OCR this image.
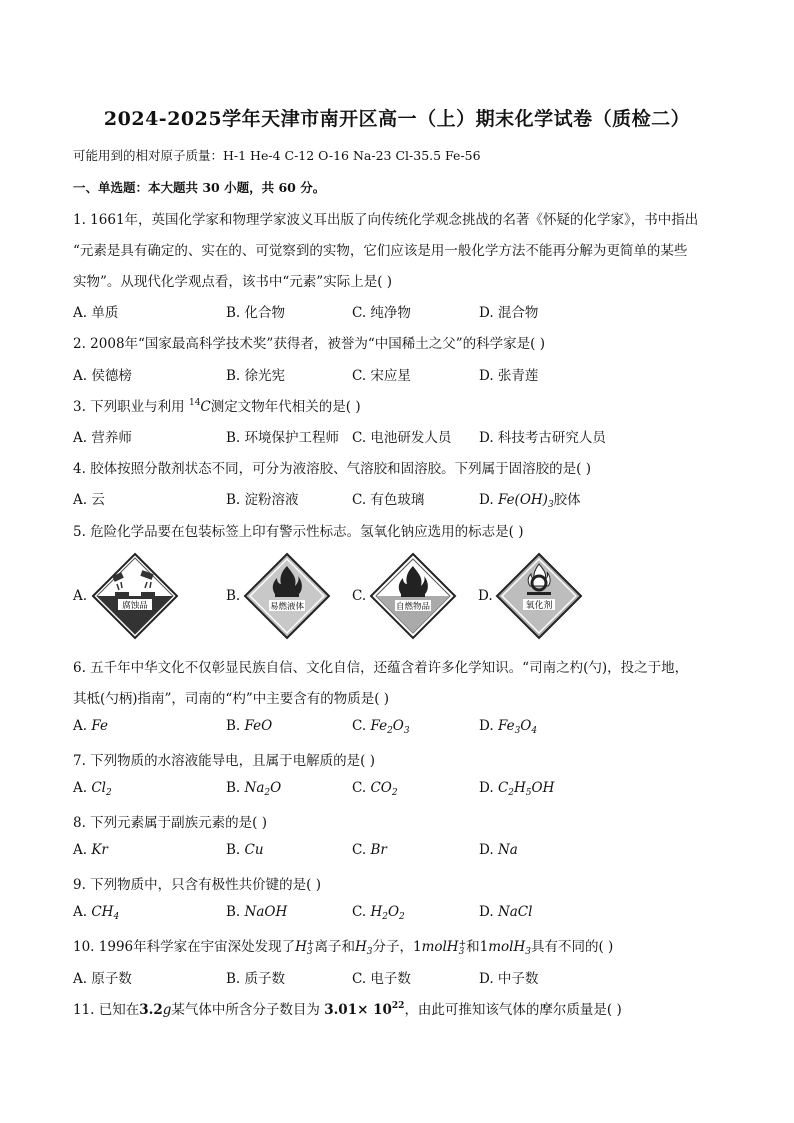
2024-2025学年天津市南开区高一（上）期末化学试卷（质检二）
可能用到的相对原子质量：H-1 He-4 C-12 O-16 Na-23 Cl-35.5 Fe-56
一、单选题：本大题共 30 小题，共 60 分。
1. 1661年，英国化学家和物理学家波义耳出版了向传统化学观念挑战的名著《怀疑的化学家》，书中指出
“元素是具有确定的、实在的、可觉察到的实物，它们应该是用一般化学方法不能再分解为更简单的某些
实物”。从现代化学观点看，该书中“元素”实际上是( )
A. 单质	B. 化合物	C. 纯净物	D. 混合物
2. 2008年“国家最高科学技术奖”获得者，被誉为“中国稀土之父”的科学家是( )
A. 侯德榜	B. 徐光宪	C. 宋应星	D. 张青莲
3. 下列职业与利用 $^{14}$C测定文物年代相关的是( )
A. 营养师	B. 环境保护工程师 C. 电池研发人员 D. 科技考古研究人员
4. 胶体按照分散剂状态不同，可分为液溶胶、气溶胶和固溶胶。下列属于固溶胶的是( )
A. 云	B. 淀粉溶液	C. 有色玻璃	D. $Fe(OH)_3$胶体
5. 危险化学品要在包装标签上印有警示性标志。氢氧化钠应选用的标志是( )
A.
腐蚀品
B.
易燃液体
C.
自燃物品
D.
氧化剂
6. 五千年中华文化不仅彰显民族自信、文化自信，还蕴含着许多化学知识。“司南之杓(勺)，投之于地，
其柢(勺柄)指南”，司南的“杓”中主要含有的物质是( )
A. Fe	B. FeO	C. $Fe_2O_3$	D. $Fe_3O_4$
7. 下列物质的水溶液能导电，且属于电解质的是( )
A. $Cl_2$	B. $Na_2O$	C. $CO_2$	D. $C_2H_5OH$
8. 下列元素属于副族元素的是( )
A. Kr	B. Cu	C. Br	D. Na
9. 下列物质中，只含有极性共价键的是( )
A. $CH_4$	B. NaOH	C. $H_2O_2$	D. NaCl
10. 1996年科学家在宇宙深处发现了H +
3 离子和$H_3$分子，1molH +
3 和1molH$_3$具有不同的( )
A. 原子数	B. 质子数	C. 电子数	D. 中子数
11. 已知在3.2g某气体中所含分子数目为 $3.01\times 10^{22}$，由此可推知该气体的摩尔质量是( )
